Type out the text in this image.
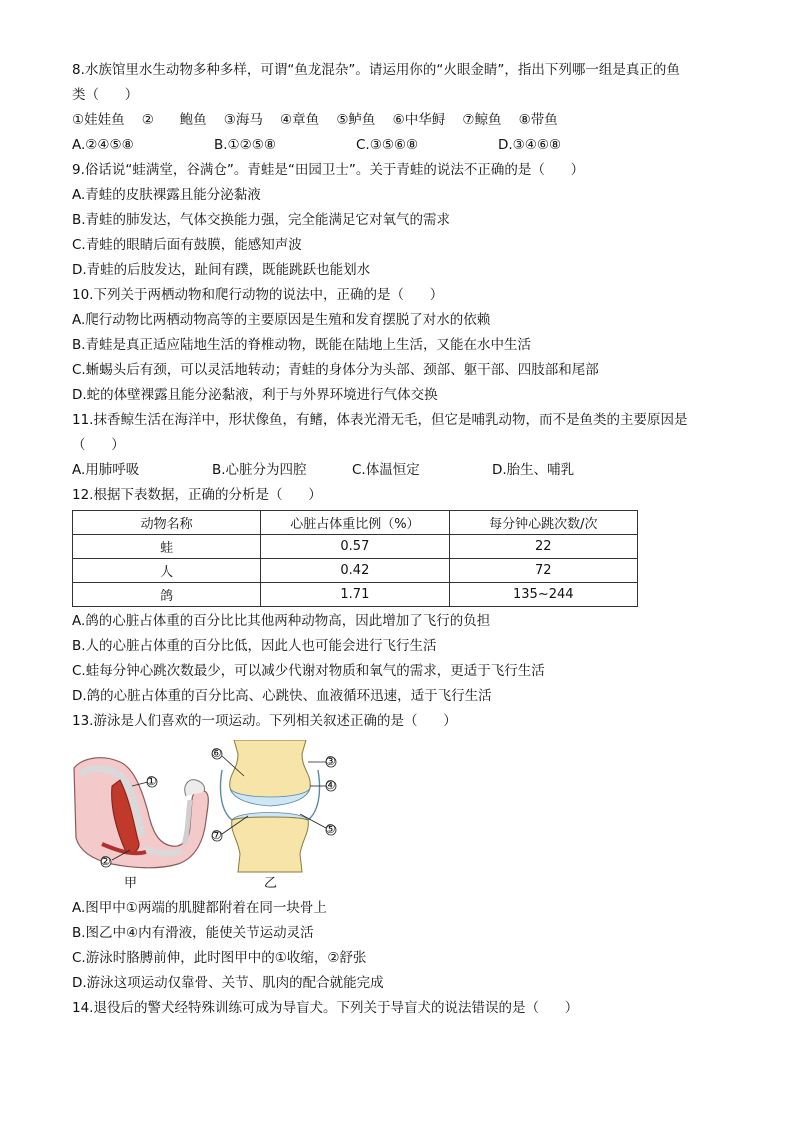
8.水族馆里水生动物多种多样，可谓“鱼龙混杂”。请运用你的“火眼金睛”，指出下列哪一组是真正的鱼

类（      ）

①娃娃鱼    ②      鲍鱼    ③海马    ④章鱼    ⑤鲈鱼    ⑥中华鲟    ⑦鲸鱼    ⑧带鱼

A.②④⑤⑧	B.①②⑤⑧	C.③⑤⑥⑧	D.③④⑥⑧

9.俗话说“蛙满堂，谷满仓”。青蛙是“田园卫士”。关于青蛙的说法不正确的是（      ）

A.青蛙的皮肤裸露且能分泌黏液

B.青蛙的肺发达，气体交换能力强，完全能满足它对氧气的需求

C.青蛙的眼睛后面有鼓膜，能感知声波

D.青蛙的后肢发达，趾间有蹼，既能跳跃也能划水

10.下列关于两栖动物和爬行动物的说法中，正确的是（      ）

A.爬行动物比两栖动物高等的主要原因是生殖和发育摆脱了对水的依赖

B.青蛙是真正适应陆地生活的脊椎动物，既能在陆地上生活，又能在水中生活

C.蜥蜴头后有颈，可以灵活地转动；青蛙的身体分为头部、颈部、躯干部、四肢部和尾部

D.蛇的体壁裸露且能分泌黏液，利于与外界环境进行气体交换

11.抹香鲸生活在海洋中，形状像鱼，有鳍，体表光滑无毛，但它是哺乳动物，而不是鱼类的主要原因是

（      ）

A.用肺呼吸	B.心脏分为四腔	C.体温恒定	D.胎生、哺乳

12.根据下表数据，正确的分析是（      ）

动物名称	心脏占体重比例（%）	每分钟心跳次数/次
蛙	0.57	22
人	0.42	72
鸽	1.71	135~244

A.鸽的心脏占体重的百分比比其他两种动物高，因此增加了飞行的负担

B.人的心脏占体重的百分比低，因此人也可能会进行飞行生活

C.蛙每分钟心跳次数最少，可以减少代谢对物质和氧气的需求，更适于飞行生活

D.鸽的心脏占体重的百分比高、心跳快、血液循环迅速，适于飞行生活

13.游泳是人们喜欢的一项运动。下列相关叙述正确的是（      ）

①
②
③
④
⑤
⑥
⑦
甲	乙

A.图甲中①两端的肌腱都附着在同一块骨上

B.图乙中④内有滑液，能使关节运动灵活

C.游泳时胳膊前伸，此时图甲中的①收缩，②舒张

D.游泳这项运动仅靠骨、关节、肌肉的配合就能完成

14.退役后的警犬经特殊训练可成为导盲犬。下列关于导盲犬的说法错误的是（      ）
